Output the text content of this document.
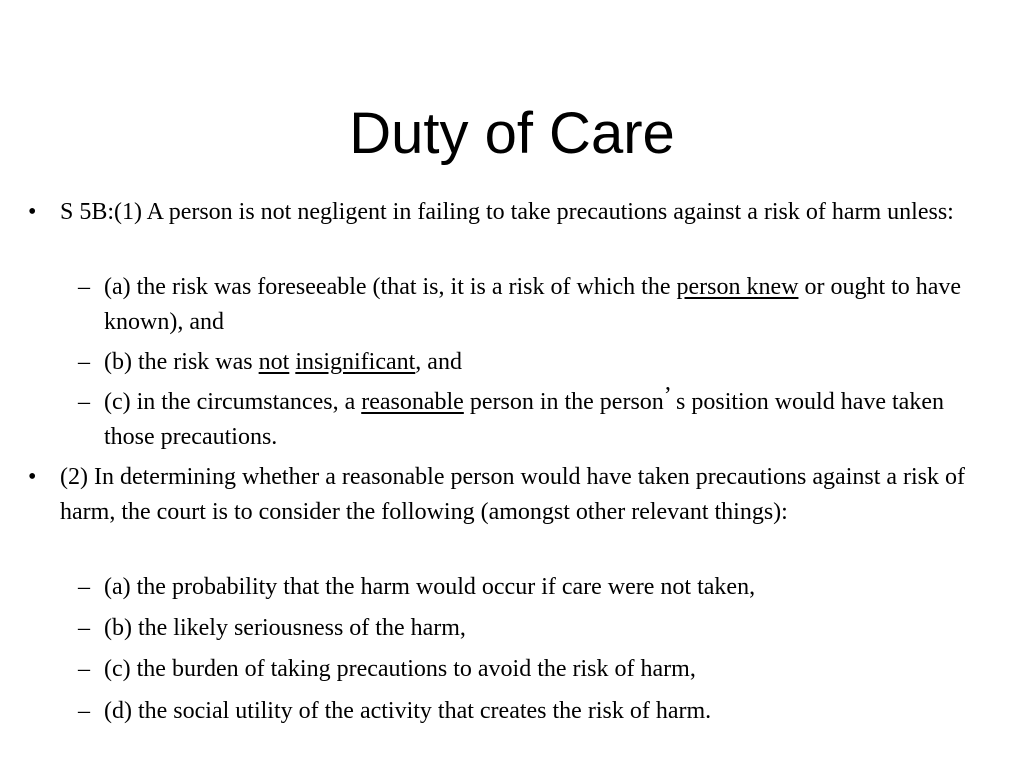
Duty of Care

• S 5B:(1) A person is not negligent in failing to take precautions against a risk of harm unless:

– (a) the risk was foreseeable (that is, it is a risk of which the person knew or ought to have known), and

– (b) the risk was not insignificant, and

– (c) in the circumstances, a reasonable person in the person’ s position would have taken those precautions.

• (2) In determining whether a reasonable person would have taken precautions against a risk of harm, the court is to consider the following (amongst other relevant things):

– (a) the probability that the harm would occur if care were not taken,

– (b) the likely seriousness of the harm,

– (c) the burden of taking precautions to avoid the risk of harm,

– (d) the social utility of the activity that creates the risk of harm.
